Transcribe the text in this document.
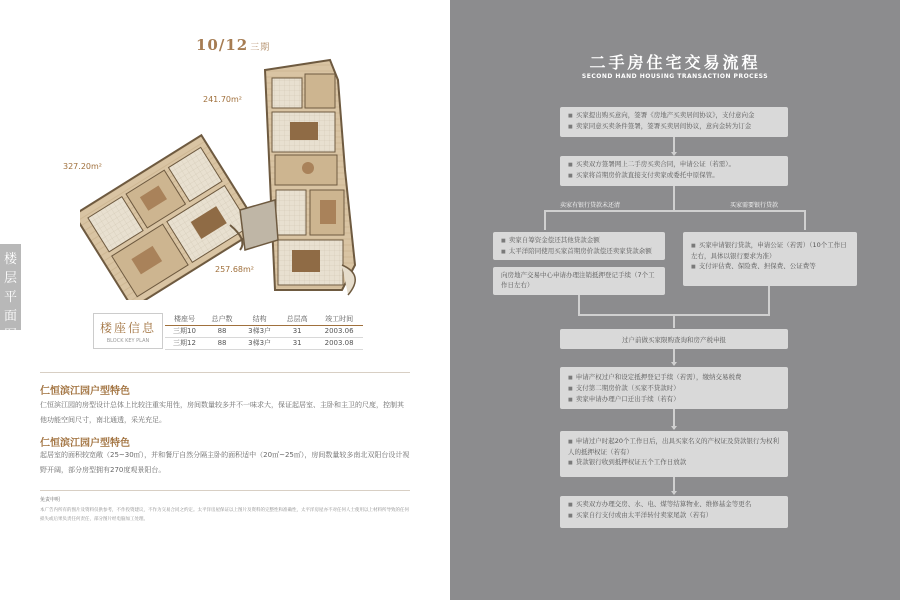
楼
层
平
面
图
10/12 三期
241.70m²
327.20m²
257.68m²
楼座信息
BLOCK KEY PLAN
楼座号	总户数	结构	总层高	竣工时间
三期10	88	3梯3户	31	2003.06
三期12	88	3梯3户	31	2003.08
仁恒滨江园户型特色
仁恒滨江园的房型设计总体上比较注重实用性，房间数量较多并不一味求大，保证起居室、主卧和主卫的尺度，控制其他功能空间尺寸，南北通透，采光充足。
仁恒滨江园户型特色
起居室的面积较宽敞（25~30㎡），并和餐厅自然分隔主卧的面积适中（20㎡~25㎡），房间数量较多南北双阳台设计视野开阔，部分房型拥有270度观景阳台。
免责申明
本广告内所有的图片及资料仅供参考，不作投资建议，不作为交易合同之约定。太平洋房屋保证以上图片及资料的完整性和准确性，太平洋房屋亦不对任何人士使用以上材料所导致的任何损失或后果负责任何责任，部分图片经电脑加工处理。
二手房住宅交易流程
SECOND HAND HOUSING TRANSACTION PROCESS
■ 买家提出购买意向，签署《房地产买卖居间协议》，支付意向金
■ 卖家同意买卖条件签署，签署买卖居间协议，意向金转为订金
■ 买卖双方签署网上二手房买卖合同，申请公证（若需）。
■ 买家将首期房价款直接支付卖家或委托中原保管。
卖家有银行贷款未还清	买家需要银行贷款
■ 卖家自筹资金偿还其他贷款金额
■ 太平洋陪同使用买家首期房价款偿还卖家贷款余额

向房地产交易中心申请办理注销抵押登记手续（7个工作日左右）

■ 买家申请银行贷款，申请公证（若需）（10个工作日左右，具体以银行要求为准）
■ 支付评估费、保险费、担保费、公证费等

过户前做买家限购查询和房产税申报

■ 申请产权过户和设定抵押登记手续（若需），缴纳交易税费
■ 支付第二期房价款（买家不贷款时）
■ 卖家申请办理户口迁出手续（若有）
■ 申请过户时起20个工作日后，出具买家名义的产权证及贷款银行为权利人的抵押权证（若有）
■ 贷款银行收到抵押权证五个工作日放款
■ 买卖双方办理交房、水、电、煤等结算物业、维修基金等更名
■ 买家自行支付或由太平洋转付卖家尾款（若有）
